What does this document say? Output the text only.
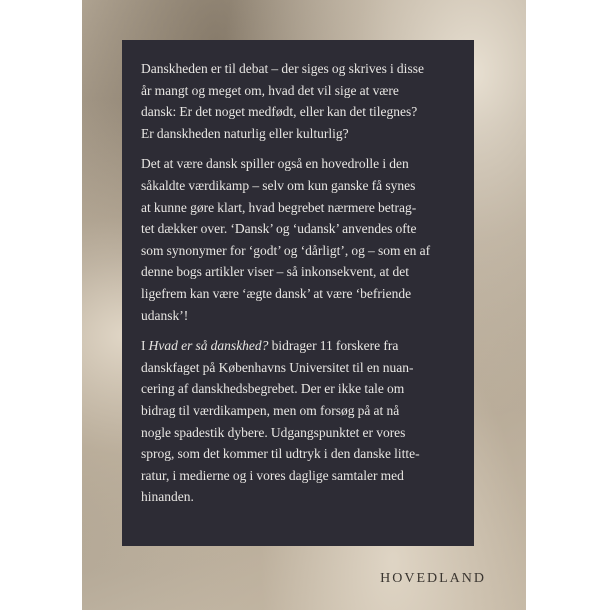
Danskheden er til debat – der siges og skrives i disse
år mangt og meget om, hvad det vil sige at være
dansk: Er det noget medfødt, eller kan det tilegnes?
Er danskheden naturlig eller kulturlig?
Det at være dansk spiller også en hovedrolle i den
såkaldte værdikamp – selv om kun ganske få synes
at kunne gøre klart, hvad begrebet nærmere betrag-
tet dækker over. ‘Dansk’ og ‘udansk’ anvendes ofte
som synonymer for ‘godt’ og ‘dårligt’, og – som en af
denne bogs artikler viser – så inkonsekvent, at det
ligefrem kan være ‘ægte dansk’ at være ‘befriende
udansk’!
I Hvad er så danskhed? bidrager 11 forskere fra
danskfaget på Københavns Universitet til en nuan-
cering af danskhedsbegrebet. Der er ikke tale om
bidrag til værdikampen, men om forsøg på at nå
nogle spadestik dybere. Udgangspunktet er vores
sprog, som det kommer til udtryk i den danske litte-
ratur, i medierne og i vores daglige samtaler med
hinanden.
HOVEDLAND
